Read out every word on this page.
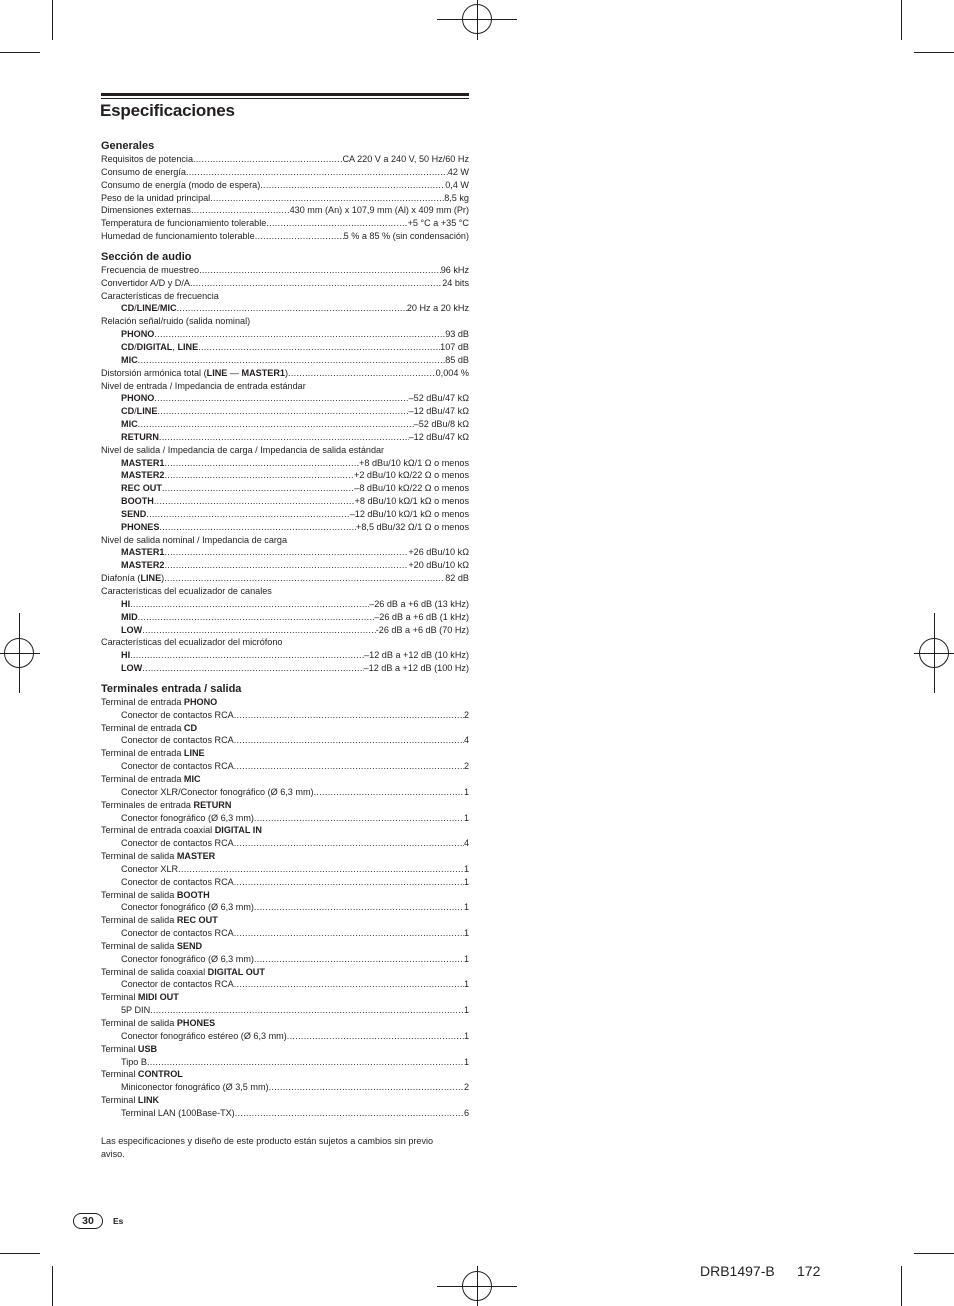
Especificaciones
Generales
Requisitos de potencia .....	CA 220 V a 240 V, 50 Hz/60 Hz
Consumo de energía .....	42 W
Consumo de energía (modo de espera) .....	0,4 W
Peso de la unidad principal .....	8,5 kg
Dimensiones externas .....	430 mm (An) x 107,9 mm (Al) x 409 mm (Pr)
Temperatura de funcionamiento tolerable .....	+5 °C a +35 °C
Humedad de funcionamiento tolerable .....	5 % a 85 % (sin condensación)
Sección de audio
Frecuencia de muestreo .....	96 kHz
Convertidor A/D y D/A .....	24 bits
Características de frecuencia
CD/LINE/MIC .....	20 Hz a 20 kHz
Relación señal/ruido (salida nominal)
PHONO .....	93 dB
CD/DIGITAL, LINE .....	107 dB
MIC .....	85 dB
Distorsión armónica total (LINE — MASTER1) .....	0,004 %
Nivel de entrada / Impedancia de entrada estándar
PHONO .....	–52 dBu/47 kΩ
CD/LINE .....	–12 dBu/47 kΩ
MIC .....	–52 dBu/8 kΩ
RETURN .....	–12 dBu/47 kΩ
Nivel de salida / Impedancia de carga / Impedancia de salida estándar
MASTER1 .....	+8 dBu/10 kΩ/1 Ω o menos
MASTER2 .....	+2 dBu/10 kΩ/22 Ω o menos
REC OUT .....	–8 dBu/10 kΩ/22 Ω o menos
BOOTH .....	+8 dBu/10 kΩ/1 kΩ o menos
SEND .....	–12 dBu/10 kΩ/1 kΩ o menos
PHONES .....	+8,5 dBu/32 Ω/1 Ω o menos
Nivel de salida nominal / Impedancia de carga
MASTER1 .....	+26 dBu/10 kΩ
MASTER2 .....	+20 dBu/10 kΩ
Diafonía (LINE) .....	82 dB
Características del ecualizador de canales
HI .....	–26 dB a +6 dB (13 kHz)
MID .....	–26 dB a +6 dB (1 kHz)
LOW .....	-26 dB a +6 dB (70 Hz)
Características del ecualizador del micrófono
HI .....	–12 dB a +12 dB (10 kHz)
LOW .....	–12 dB a +12 dB (100 Hz)
Terminales entrada / salida
Terminal de entrada PHONO
Conector de contactos RCA .....	2
Terminal de entrada CD
Conector de contactos RCA .....	4
Terminal de entrada LINE
Conector de contactos RCA .....	2
Terminal de entrada MIC
Conector XLR/Conector fonográfico (Ø 6,3 mm) .....	1
Terminales de entrada RETURN
Conector fonográfico (Ø 6,3 mm) .....	1
Terminal de entrada coaxial DIGITAL IN
Conector de contactos RCA .....	4
Terminal de salida MASTER
Conector XLR .....	1
Conector de contactos RCA .....	1
Terminal de salida BOOTH
Conector fonográfico (Ø 6,3 mm) .....	1
Terminal de salida REC OUT
Conector de contactos RCA .....	1
Terminal de salida SEND
Conector fonográfico (Ø 6,3 mm) .....	1
Terminal de salida coaxial DIGITAL OUT
Conector de contactos RCA .....	1
Terminal MIDI OUT
5P DIN .....	1
Terminal de salida PHONES
Conector fonográfico estéreo (Ø 6,3 mm) .....	1
Terminal USB
Tipo B .....	1
Terminal CONTROL
Miniconector fonográfico (Ø 3,5 mm) .....	2
Terminal LINK
Terminal LAN (100Base-TX) .....	6
Las especificaciones y diseño de este producto están sujetos a cambios sin previo aviso.
30	Es
DRB1497-B 172
